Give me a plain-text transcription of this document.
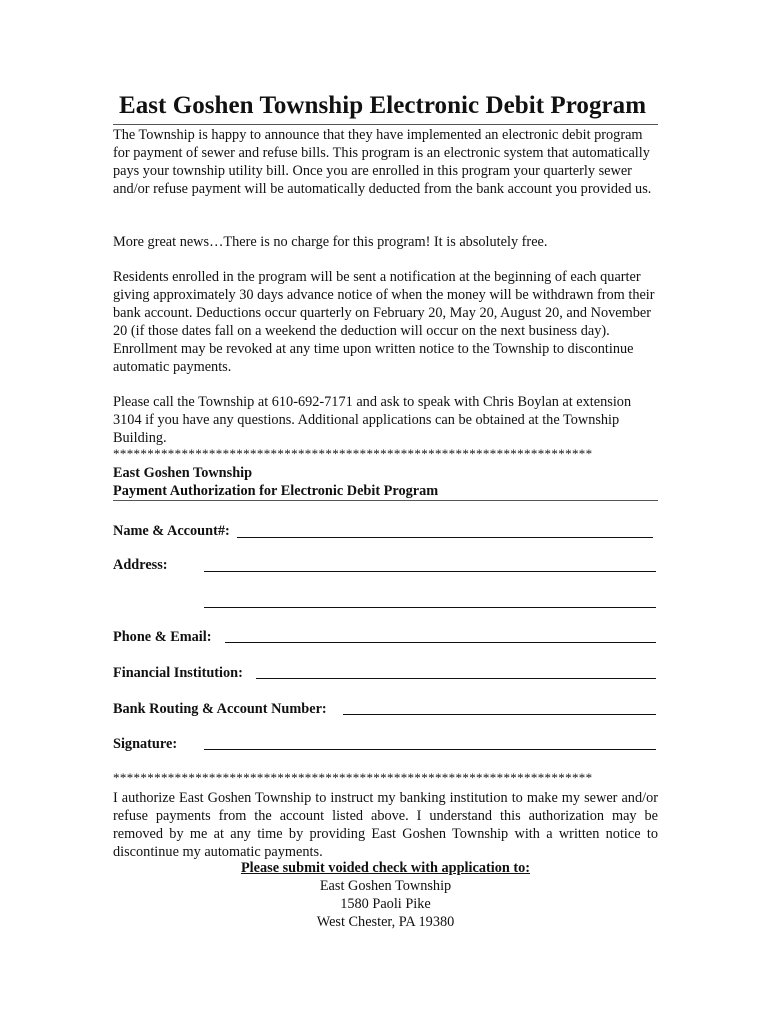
East Goshen Township Electronic Debit Program

The Township is happy to announce that they have implemented an electronic debit program for payment of sewer and refuse bills. This program is an electronic system that automatically pays your township utility bill. Once you are enrolled in this program your quarterly sewer and/or refuse payment will be automatically deducted from the bank account you provided us.

More great news…There is no charge for this program! It is absolutely free.

Residents enrolled in the program will be sent a notification at the beginning of each quarter giving approximately 30 days advance notice of when the money will be withdrawn from their bank account. Deductions occur quarterly on February 20, May 20, August 20, and November 20 (if those dates fall on a weekend the deduction will occur on the next business day). Enrollment may be revoked at any time upon written notice to the Township to discontinue automatic payments.

Please call the Township at 610-692-7171 and ask to speak with Chris Boylan at extension 3104 if you have any questions. Additional applications can be obtained at the Township Building.

**********************************************************************
East Goshen Township
Payment Authorization for Electronic Debit Program
Name & Account#:
Address:
Phone & Email:
Financial Institution:
Bank Routing & Account Number:
Signature:
**********************************************************************

I authorize East Goshen Township to instruct my banking institution to make my sewer and/or refuse payments from the account listed above. I understand this authorization may be removed by me at any time by providing East Goshen Township with a written notice to discontinue my automatic payments.

Please submit voided check with application to:
East Goshen Township
1580 Paoli Pike
West Chester, PA 19380
